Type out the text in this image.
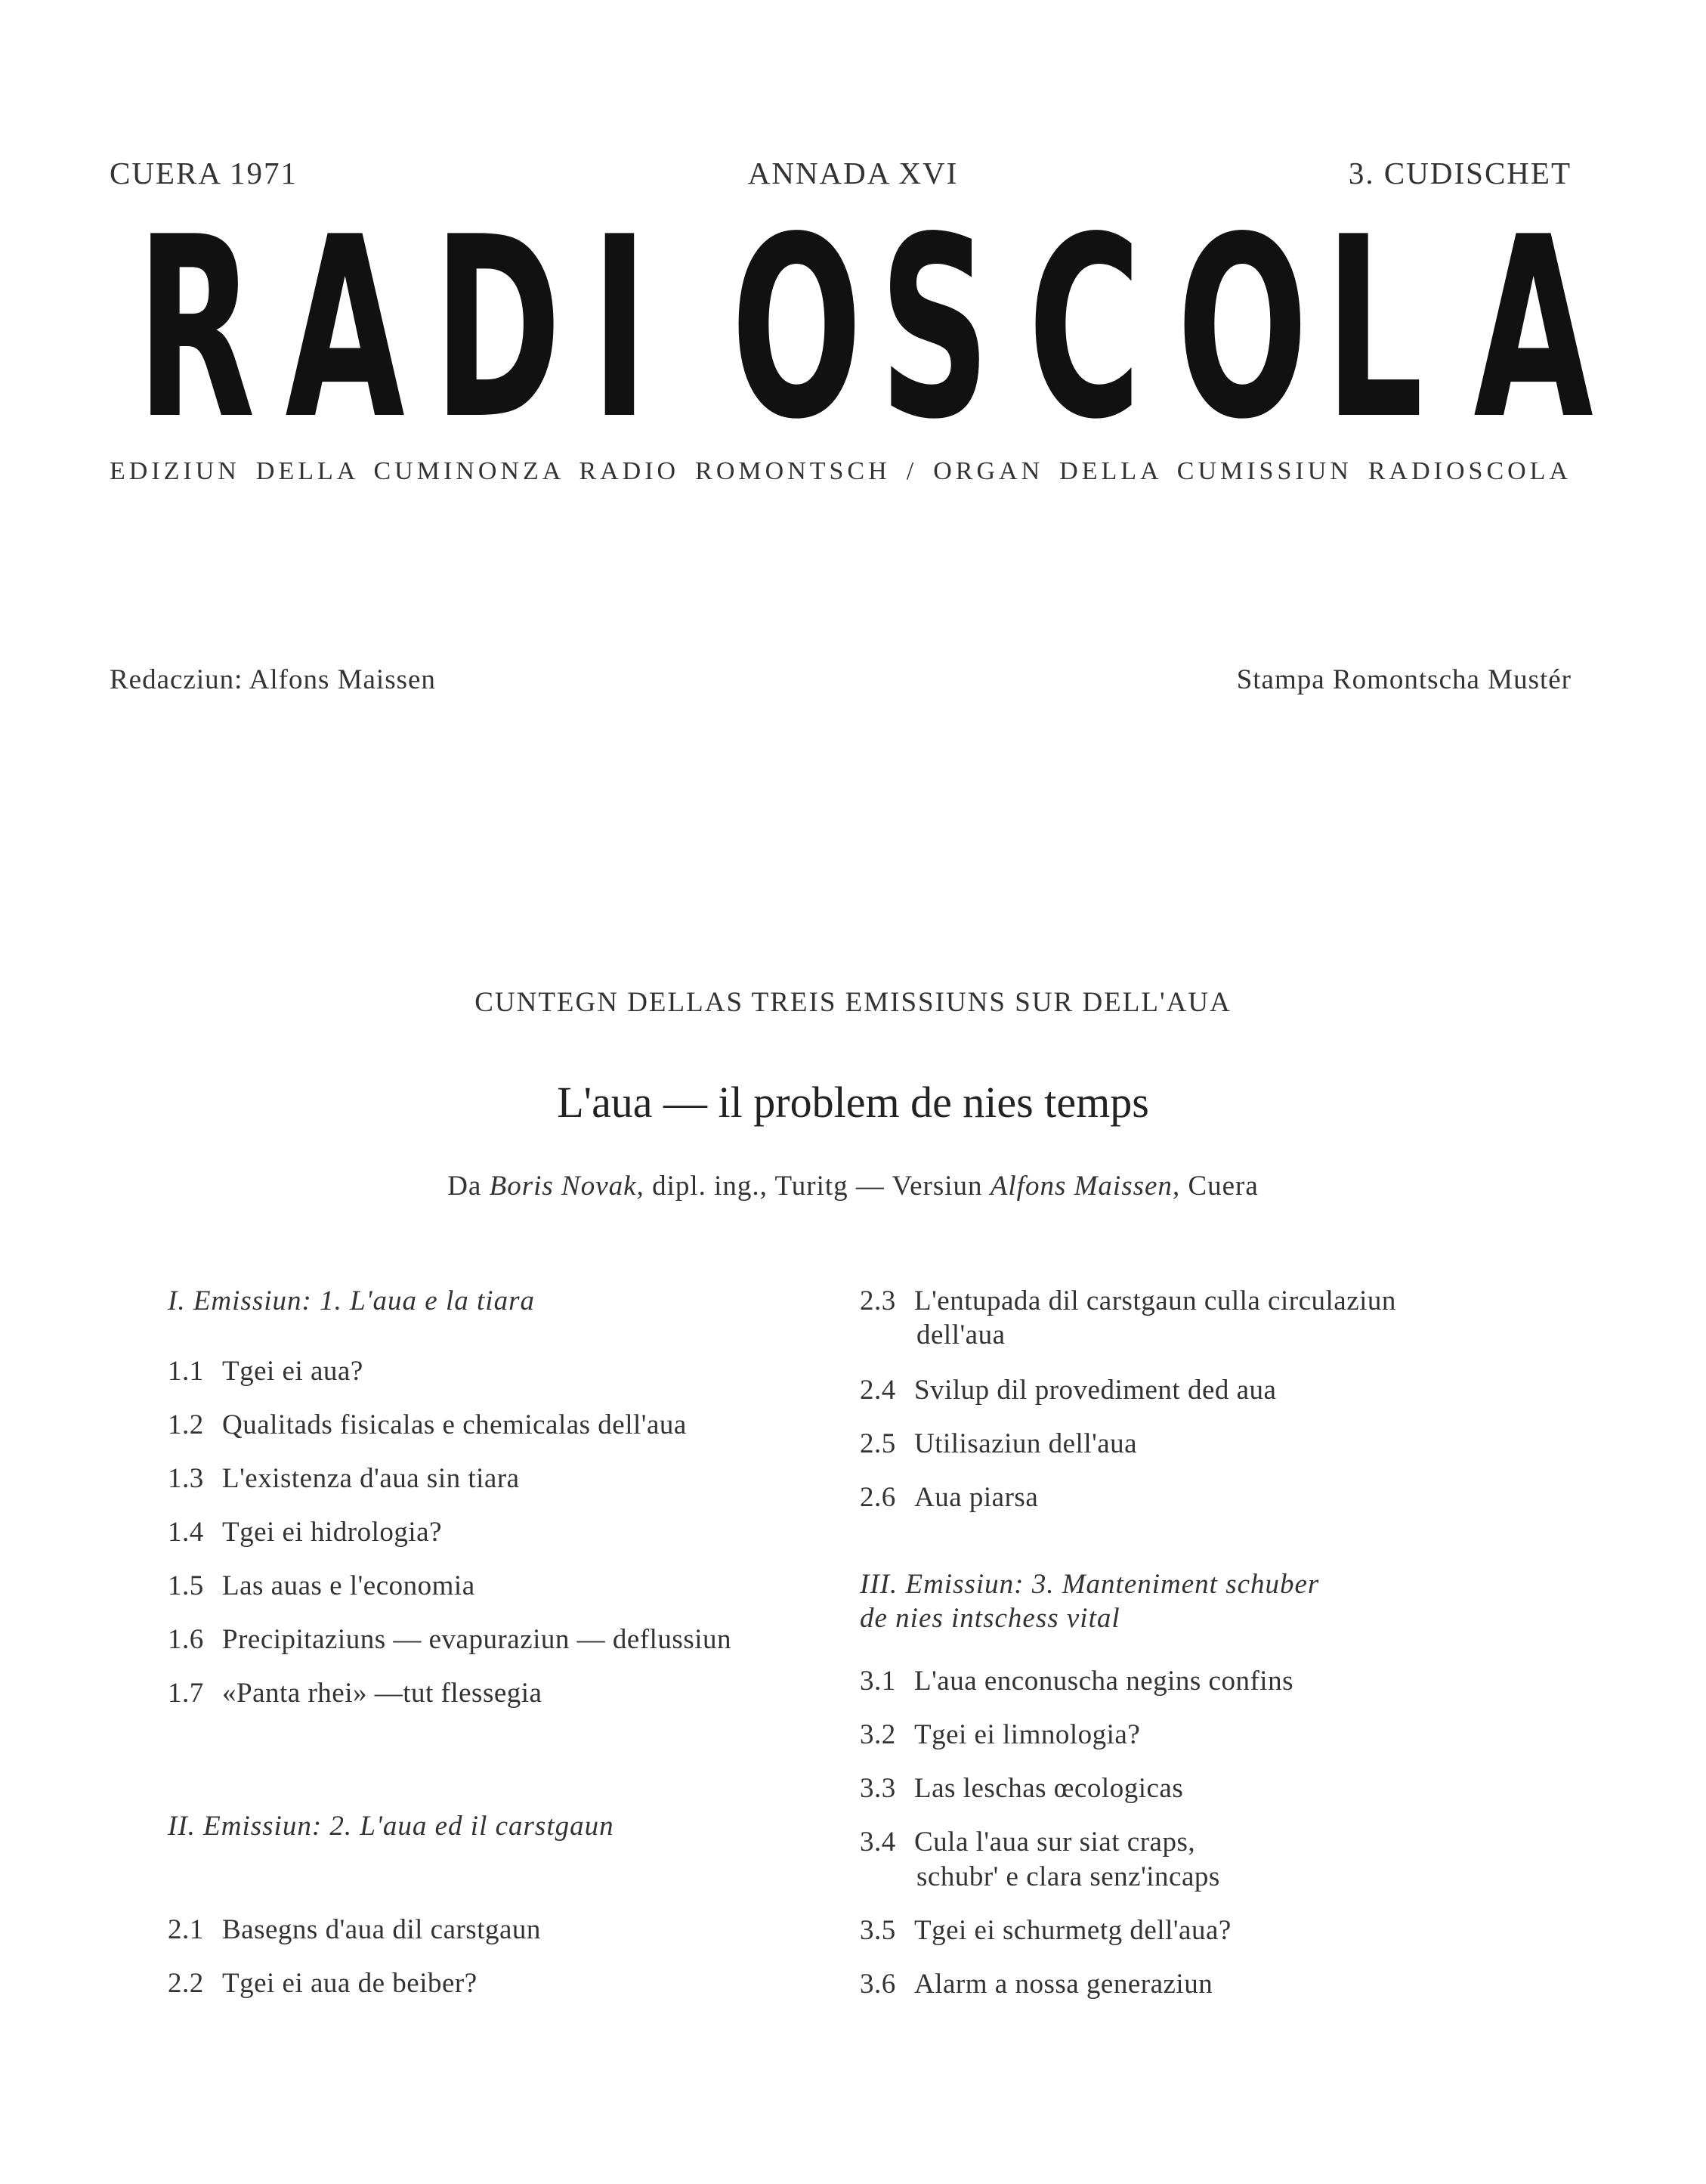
CUERA 1971	ANNADA XVI	3. CUDISCHET
R A D I O S C O L A
EDIZIUN DELLA CUMINONZA RADIO ROMONTSCH / ORGAN DELLA CUMISSIUN RADIOSCOLA
Redacziun: Alfons Maissen	Stampa Romontscha Mustér
CUNTEGN DELLAS TREIS EMISSIUNS SUR DELL'AUA
L'aua — il problem de nies temps
Da Boris Novak, dipl. ing., Turitg — Versiun Alfons Maissen, Cuera
I. Emissiun: 1. L'aua e la tiara
1.1 Tgei ei aua?
1.2 Qualitads fisicalas e chemicalas dell'aua
1.3 L'existenza d'aua sin tiara
1.4 Tgei ei hidrologia?
1.5 Las auas e l'economia
1.6 Precipitaziuns — evapuraziun — deflussiun
1.7 «Panta rhei» —tut flessegia
II. Emissiun: 2. L'aua ed il carstgaun
2.1 Basegns d'aua dil carstgaun
2.2 Tgei ei aua de beiber?
2.3 L'entupada dil carstgaun culla circulaziun
dell'aua
2.4 Svilup dil provediment ded aua
2.5 Utilisaziun dell'aua
2.6 Aua piarsa
III. Emissiun: 3. Manteniment schuber
de nies intschess vital
3.1 L'aua enconuscha negins confins
3.2 Tgei ei limnologia?
3.3 Las leschas œcologicas
3.4 Cula l'aua sur siat craps,
schubr' e clara senz'incaps
3.5 Tgei ei schurmetg dell'aua?
3.6 Alarm a nossa generaziun
